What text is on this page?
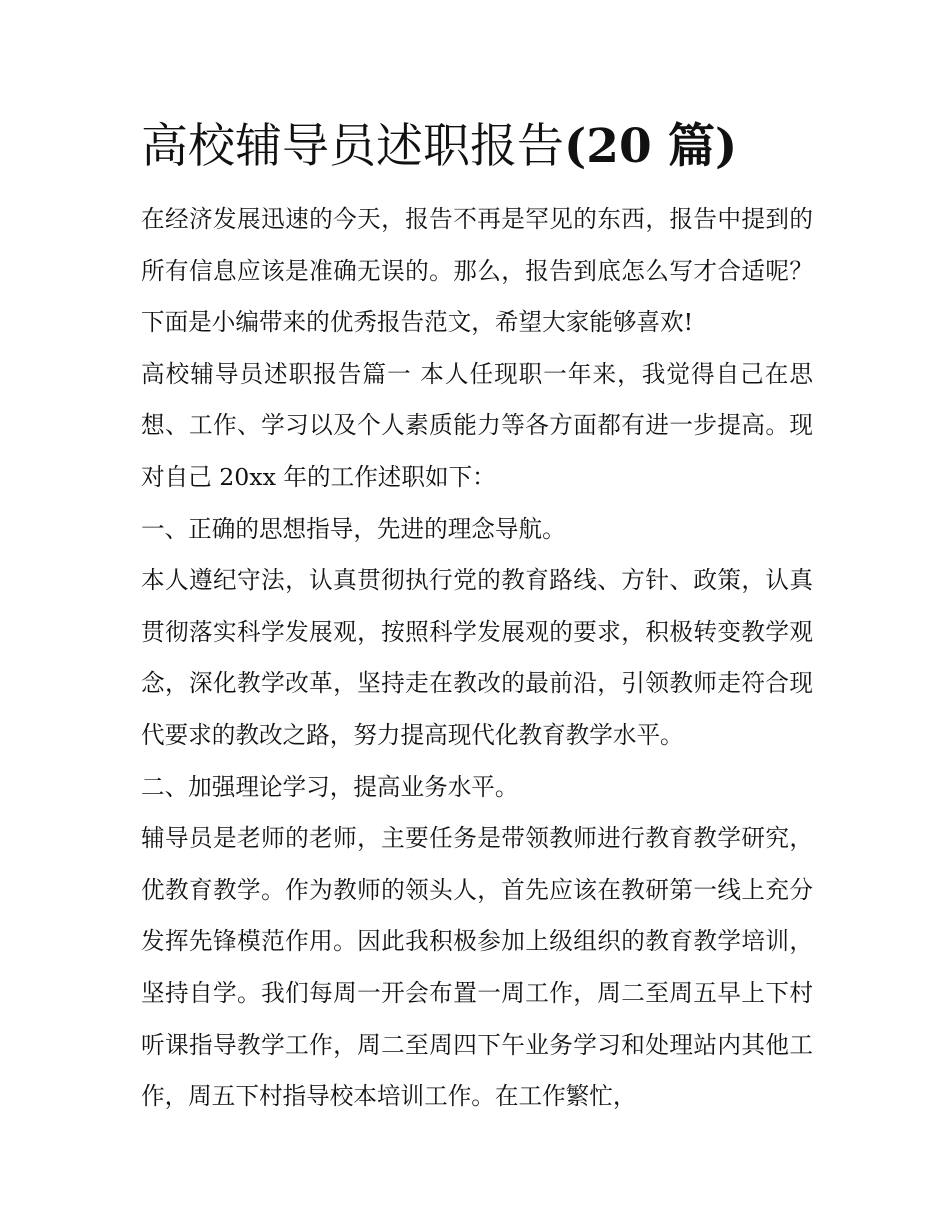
高校辅导员述职报告(20 篇)

在经济发展迅速的今天，报告不再是罕见的东西，报告中提到的所有信息应该是准确无误的。那么，报告到底怎么写才合适呢？下面是小编带来的优秀报告范文，希望大家能够喜欢!

高校辅导员述职报告篇一 本人任现职一年来，我觉得自己在思想、工作、学习以及个人素质能力等各方面都有进一步提高。现对自己 20xx 年的工作述职如下：

一、正确的思想指导，先进的理念导航。

本人遵纪守法，认真贯彻执行党的教育路线、方针、政策，认真贯彻落实科学发展观，按照科学发展观的要求，积极转变教学观念，深化教学改革，坚持走在教改的最前沿，引领教师走符合现代要求的教改之路，努力提高现代化教育教学水平。

二、加强理论学习，提高业务水平。

辅导员是老师的老师，主要任务是带领教师进行教育教学研究，优教育教学。作为教师的领头人，首先应该在教研第一线上充分发挥先锋模范作用。因此我积极参加上级组织的教育教学培训，坚持自学。我们每周一开会布置一周工作，周二至周五早上下村听课指导教学工作，周二至周四下午业务学习和处理站内其他工作，周五下村指导校本培训工作。在工作繁忙，
